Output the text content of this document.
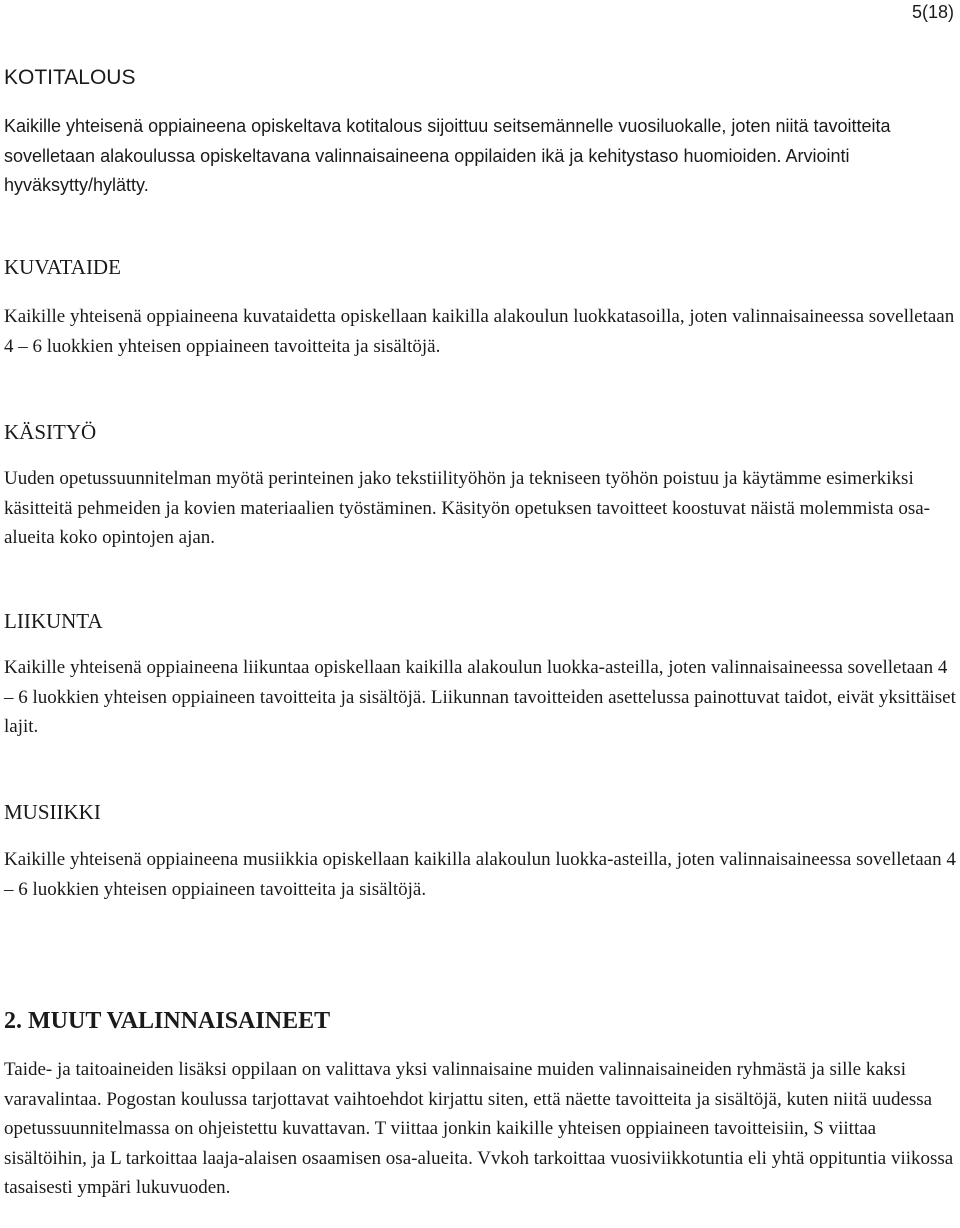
5(18)
KOTITALOUS
Kaikille yhteisenä oppiaineena opiskeltava kotitalous sijoittuu seitsemännelle vuosiluokalle, joten niitä tavoitteita sovelletaan alakoulussa opiskeltavana valinnaisaineena oppilaiden ikä ja kehitystaso huomioiden. Arviointi hyväksytty/hylätty.
KUVATAIDE
Kaikille yhteisenä oppiaineena kuvataidetta opiskellaan kaikilla alakoulun luokkatasoilla, joten valinnaisaineessa sovelletaan 4 – 6 luokkien yhteisen oppiaineen tavoitteita ja sisältöjä.
KÄSITYÖ
Uuden opetussuunnitelman myötä perinteinen jako tekstiilityöhön ja tekniseen työhön poistuu ja käytämme esimerkiksi käsitteitä pehmeiden ja kovien materiaalien työstäminen. Käsityön opetuksen tavoitteet koostuvat näistä molemmista osa-alueita koko opintojen ajan.
LIIKUNTA
Kaikille yhteisenä oppiaineena liikuntaa opiskellaan kaikilla alakoulun luokka-asteilla, joten valinnaisaineessa sovelletaan 4 – 6 luokkien yhteisen oppiaineen tavoitteita ja sisältöjä. Liikunnan tavoitteiden asettelussa painottuvat taidot, eivät yksittäiset lajit.
MUSIIKKI
Kaikille yhteisenä oppiaineena musiikkia opiskellaan kaikilla alakoulun luokka-asteilla, joten valinnaisaineessa sovelletaan 4 – 6 luokkien yhteisen oppiaineen tavoitteita ja sisältöjä.
2. MUUT VALINNAISAINEET
Taide- ja taitoaineiden lisäksi oppilaan on valittava yksi valinnaisaine muiden valinnaisaineiden ryhmästä ja sille kaksi varavalintaa. Pogostan koulussa tarjottavat vaihtoehdot kirjattu siten, että näette tavoitteita ja sisältöjä, kuten niitä uudessa opetussuunnitelmassa on ohjeistettu kuvattavan. T viittaa jonkin kaikille yhteisen oppiaineen tavoitteisiin, S viittaa sisältöihin, ja L tarkoittaa laaja-alaisen osaamisen osa-alueita. Vvkoh tarkoittaa vuosiviikkotuntia eli yhtä oppituntia viikossa tasaisesti ympäri lukuvuoden.
